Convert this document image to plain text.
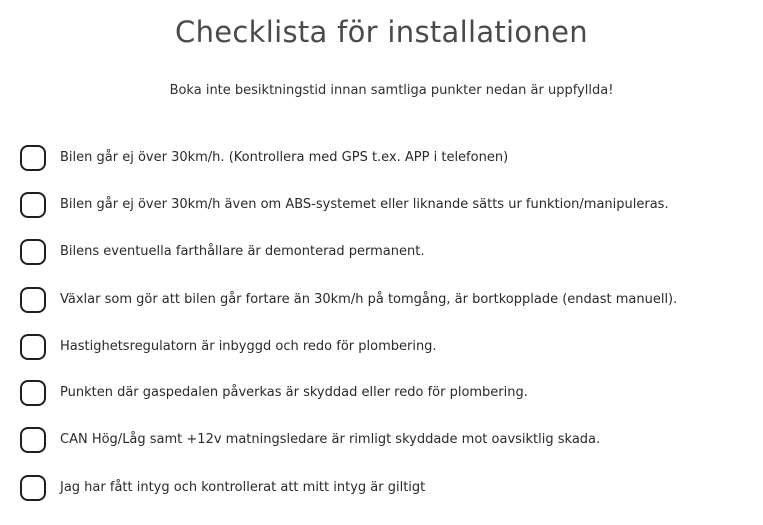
Checklista för installationen
Boka inte besiktningstid innan samtliga punkter nedan är uppfyllda!
Bilen går ej över 30km/h. (Kontrollera med GPS t.ex. APP i telefonen)
Bilen går ej över 30km/h även om ABS-systemet eller liknande sätts ur funktion/manipuleras.
Bilens eventuella farthållare är demonterad permanent.
Växlar som gör att bilen går fortare än 30km/h på tomgång, är bortkopplade (endast manuell).
Hastighetsregulatorn är inbyggd och redo för plombering.
Punkten där gaspedalen påverkas är skyddad eller redo för plombering.
CAN Hög/Låg samt +12v matningsledare är rimligt skyddade mot oavsiktlig skada.
Jag har fått intyg och kontrollerat att mitt intyg är giltigt
